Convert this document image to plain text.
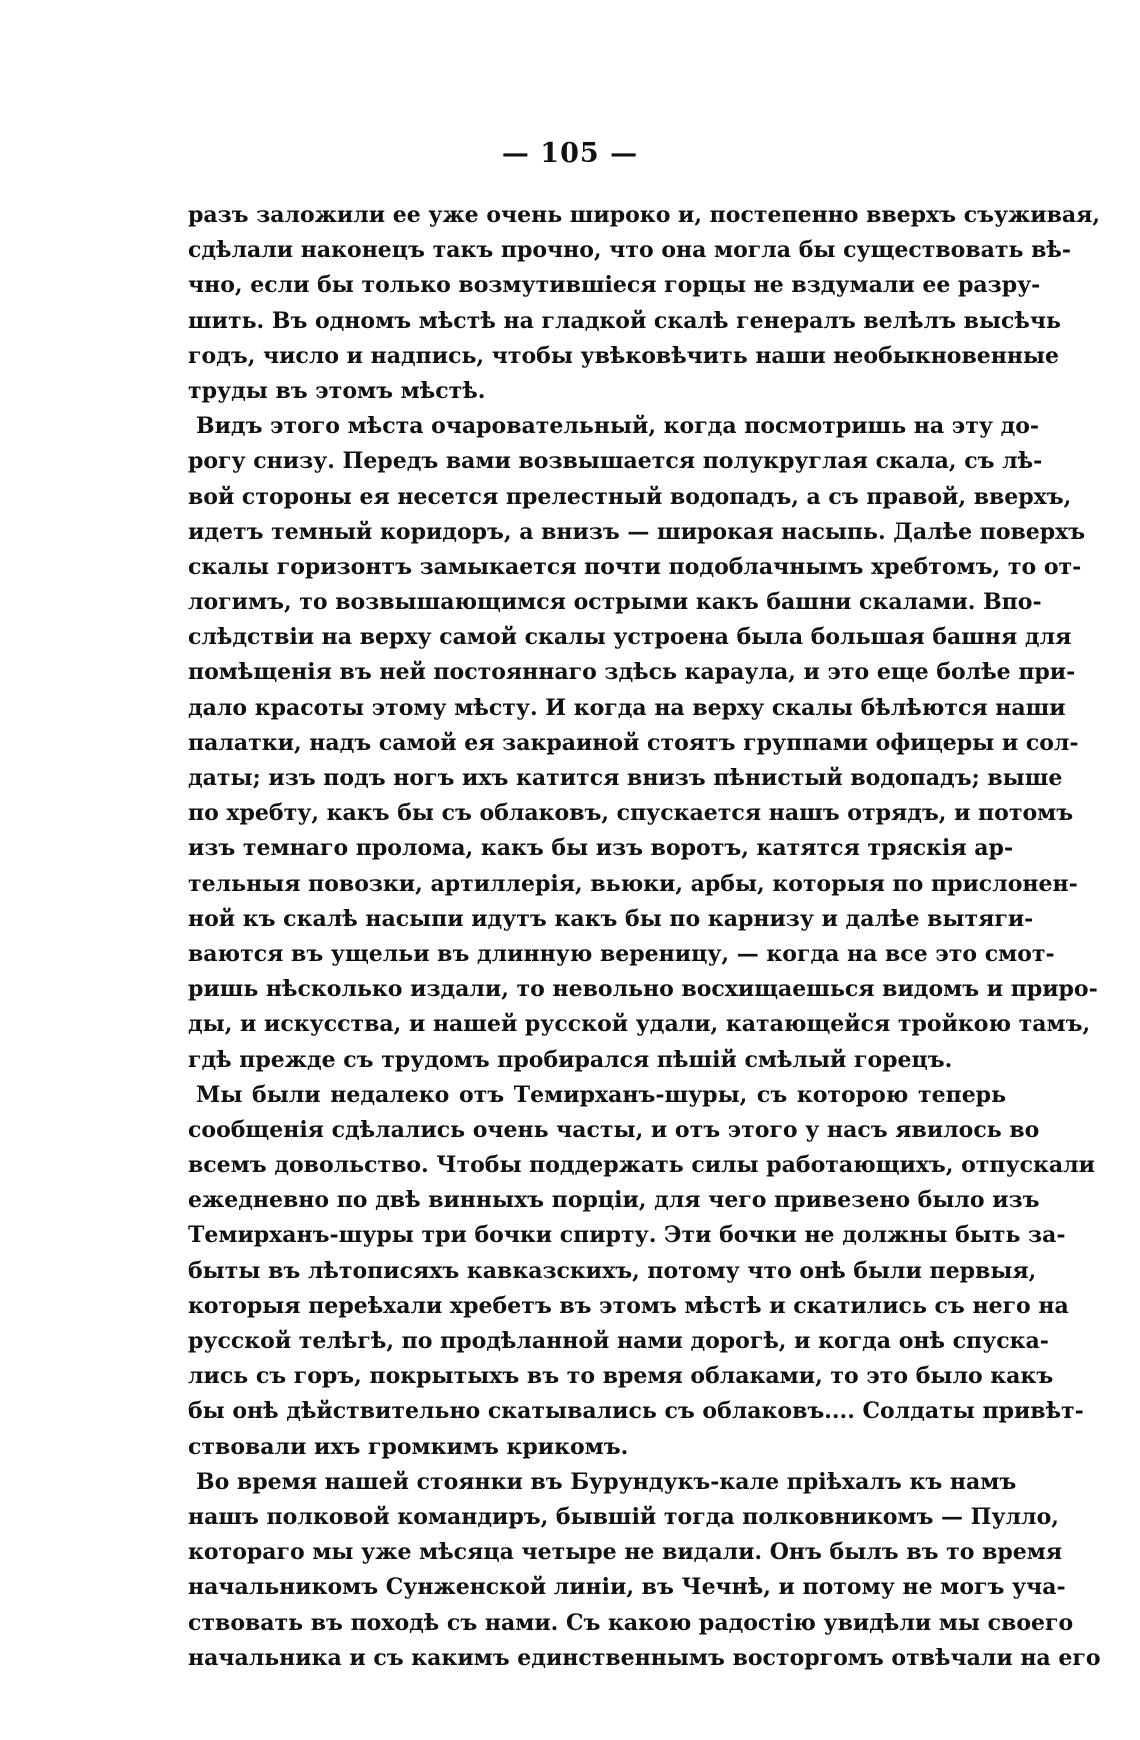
— 105 —
разъ заложили ее уже очень широко и, постепенно вверхъ съуживая,
сдѣлали наконецъ такъ прочно, что она могла бы существовать вѣ-
чно, если бы только возмутившіеся горцы не вздумали ее разру-
шить. Въ одномъ мѣстѣ на гладкой скалѣ генералъ велѣлъ высѣчь
годъ, число и надпись, чтобы увѣковѣчить наши необыкновенные
труды въ этомъ мѣстѣ.
Видъ этого мѣста очаровательный, когда посмотришь на эту до-
рогу снизу. Передъ вами возвышается полукруглая скала, съ лѣ-
вой стороны ея несется прелестный водопадъ, а съ правой, вверхъ,
идетъ темный коридоръ, а внизъ — широкая насыпь. Далѣе поверхъ
скалы горизонтъ замыкается почти подоблачнымъ хребтомъ, то от-
логимъ, то возвышающимся острыми какъ башни скалами. Впо-
слѣдствіи на верху самой скалы устроена была большая башня для
помѣщенія въ ней постояннаго здѣсь караула, и это еще болѣе при-
дало красоты этому мѣсту. И когда на верху скалы бѣлѣются наши
палатки, надъ самой ея закраиной стоятъ группами офицеры и сол-
даты; изъ подъ ногъ ихъ катится внизъ пѣнистый водопадъ; выше
по хребту, какъ бы съ облаковъ, спускается нашъ отрядъ, и потомъ
изъ темнаго пролома, какъ бы изъ воротъ, катятся тряскія ар-
тельныя повозки, артиллерія, вьюки, арбы, которыя по прислонен-
ной къ скалѣ насыпи идутъ какъ бы по карнизу и далѣе вытяги-
ваются въ ущельи въ длинную вереницу, — когда на все это смот-
ришь нѣсколько издали, то невольно восхищаешься видомъ и приро-
ды, и искусства, и нашей русской удали, катающейся тройкою тамъ,
гдѣ прежде съ трудомъ пробирался пѣшій смѣлый горецъ.
Мы были недалеко отъ Темирханъ-шуры, съ которою теперь
сообщенія сдѣлались очень часты, и отъ этого у насъ явилось во
всемъ довольство. Чтобы поддержать силы работающихъ, отпускали
ежедневно по двѣ винныхъ порціи, для чего привезено было изъ
Темирханъ-шуры три бочки спирту. Эти бочки не должны быть за-
быты въ лѣтописяхъ кавказскихъ, потому что онѣ были первыя,
которыя переѣхали хребетъ въ этомъ мѣстѣ и скатились съ него на
русской телѣгѣ, по продѣланной нами дорогѣ, и когда онѣ спуска-
лись съ горъ, покрытыхъ въ то время облаками, то это было какъ
бы онѣ дѣйствительно скатывались съ облаковъ.... Солдаты привѣт-
ствовали ихъ громкимъ крикомъ.
Во время нашей стоянки въ Бурундукъ-кале пріѣхалъ къ намъ
нашъ полковой командиръ, бывшій тогда полковникомъ — Пулло,
котораго мы уже мѣсяца четыре не видали. Онъ былъ въ то время
начальникомъ Сунженской линіи, въ Чечнѣ, и потому не могъ уча-
ствовать въ походѣ съ нами. Съ какою радостію увидѣли мы своего
начальника и съ какимъ единственнымъ восторгомъ отвѣчали на его
